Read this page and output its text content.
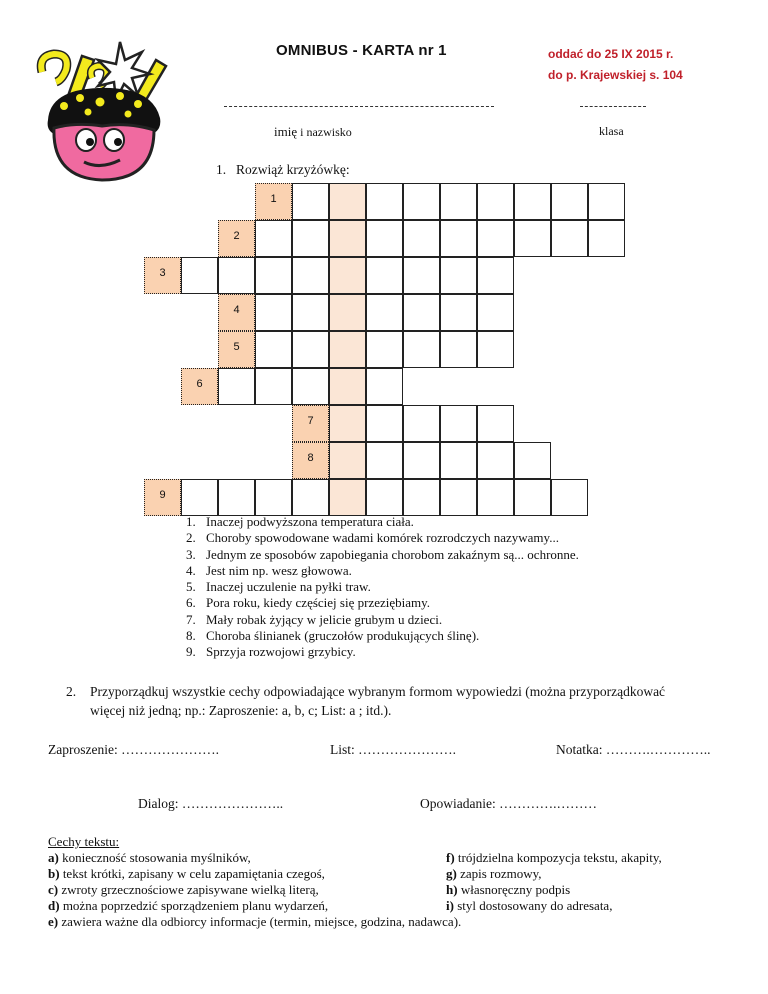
OMNIBUS - KARTA nr 1	oddać do 25 IX 2015 r.
do p. Krajewskiej s. 104
imię i nazwisko	klasa
1. Rozwiąż krzyżówkę:
1
2
3
4
5
6
7
8
9
1. Inaczej podwyższona temperatura ciała.
2. Choroby spowodowane wadami komórek rozrodczych nazywamy...
3. Jednym ze sposobów zapobiegania chorobom zakaźnym są... ochronne.
4. Jest nim np. wesz głowowa.
5. Inaczej uczulenie na pyłki traw.
6. Pora roku, kiedy częściej się przeziębiamy.
7. Mały robak żyjący w jelicie grubym u dzieci.
8. Choroba ślinianek (gruczołów produkujących ślinę).
9. Sprzyja rozwojowi grzybicy.
2. Przyporządkuj wszystkie cechy odpowiadające wybranym formom wypowiedzi (można przyporządkować
więcej niż jedną; np.: Zaproszenie: a, b, c; List: a ; itd.).
Zaproszenie: ………………….	List: ………………….	Notatka: ……….…………..
Dialog: …………………..	Opowiadanie: ………….………
Cechy tekstu:
a) konieczność stosowania myślników,	f) trójdzielna kompozycja tekstu, akapity,
b) tekst krótki, zapisany w celu zapamiętania czegoś,	g) zapis rozmowy,
c) zwroty grzecznościowe zapisywane wielką literą,	h) własnoręczny podpis
d) można poprzedzić sporządzeniem planu wydarzeń,	i) styl dostosowany do adresata,
e) zawiera ważne dla odbiorcy informacje (termin, miejsce, godzina, nadawca).
